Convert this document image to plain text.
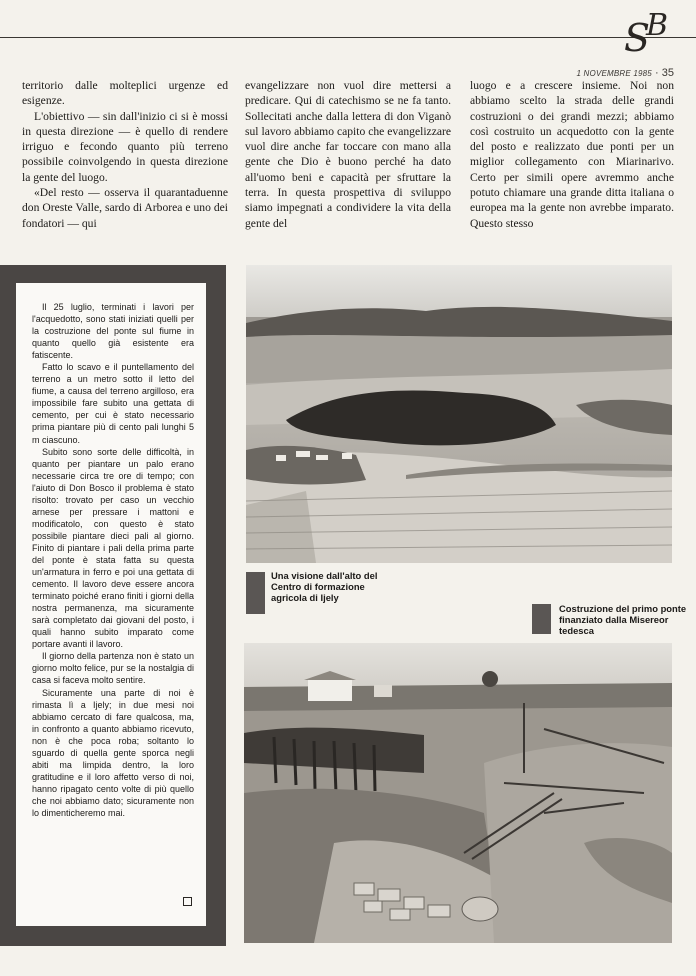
S
B
1 NOVEMBRE 1985 · 35

territorio dalle molteplici urgenze ed esigenze.

L'obiettivo — sin dall'inizio ci si è mossi in questa direzione — è quello di rendere irriguo e fecondo quanto più terreno possibile coinvolgendo in questa direzione la gente del luogo.

«Del resto — osserva il quarantaduenne don Oreste Valle, sardo di Arborea e uno dei fondatori — qui

evangelizzare non vuol dire mettersi a predicare. Qui di catechismo se ne fa tanto. Sollecitati anche dalla lettera di don Viganò sul lavoro abbiamo capito che evangelizzare vuol dire anche far toccare con mano alla gente che Dio è buono perché ha dato all'uomo beni e capacità per sfruttare la terra. In questa prospettiva di sviluppo siamo impegnati a condividere la vita della gente del

luogo e a crescere insieme. Noi non abbiamo scelto la strada delle grandi costruzioni o dei grandi mezzi; abbiamo così costruito un acquedotto con la gente del posto e realizzato due ponti per un miglior collegamento con Miarinarivo. Certo per simili opere avremmo anche potuto chiamare una grande ditta italiana o europea ma la gente non avrebbe imparato. Questo stesso

Il 25 luglio, terminati i lavori per l'acquedotto, sono stati iniziati quelli per la costruzione del ponte sul fiume in quanto quello già esistente era fatiscente.

Fatto lo scavo e il puntellamento del terreno a un metro sotto il letto del fiume, a causa del terreno argilloso, era impossibile fare subito una gettata di cemento, per cui è stato necessario prima piantare più di cento pali lunghi 5 m ciascuno.

Subito sono sorte delle difficoltà, in quanto per piantare un palo erano necessarie circa tre ore di tempo; con l'aiuto di Don Bosco il problema è stato risolto: trovato per caso un vecchio arnese per pressare i mattoni e modificatolo, con questo è stato possibile piantare dieci pali al giorno. Finito di piantare i pali della prima parte del ponte è stata fatta su questa un'armatura in ferro e poi una gettata di cemento. Il lavoro deve essere ancora terminato poiché erano finiti i giorni della nostra permanenza, ma sicuramente sarà completato dai giovani del posto, i quali hanno subito imparato come portare avanti il lavoro.

Il giorno della partenza non è stato un giorno molto felice, pur se la nostalgia di casa si faceva molto sentire.

Sicuramente una parte di noi è rimasta lì a Ijely; in due mesi noi abbiamo cercato di fare qualcosa, ma, in confronto a quanto abbiamo ricevuto, non è che poca roba; soltanto lo sguardo di quella gente sporca negli abiti ma limpida dentro, la loro gratitudine e il loro affetto verso di noi, hanno ripagato cento volte di più quello che noi abbiamo dato; sicuramente non lo dimenticheremo mai.

Una visione dall'alto del Centro di formazione agricola di Ijely
Costruzione del primo ponte finanziato dalla Misereor tedesca
